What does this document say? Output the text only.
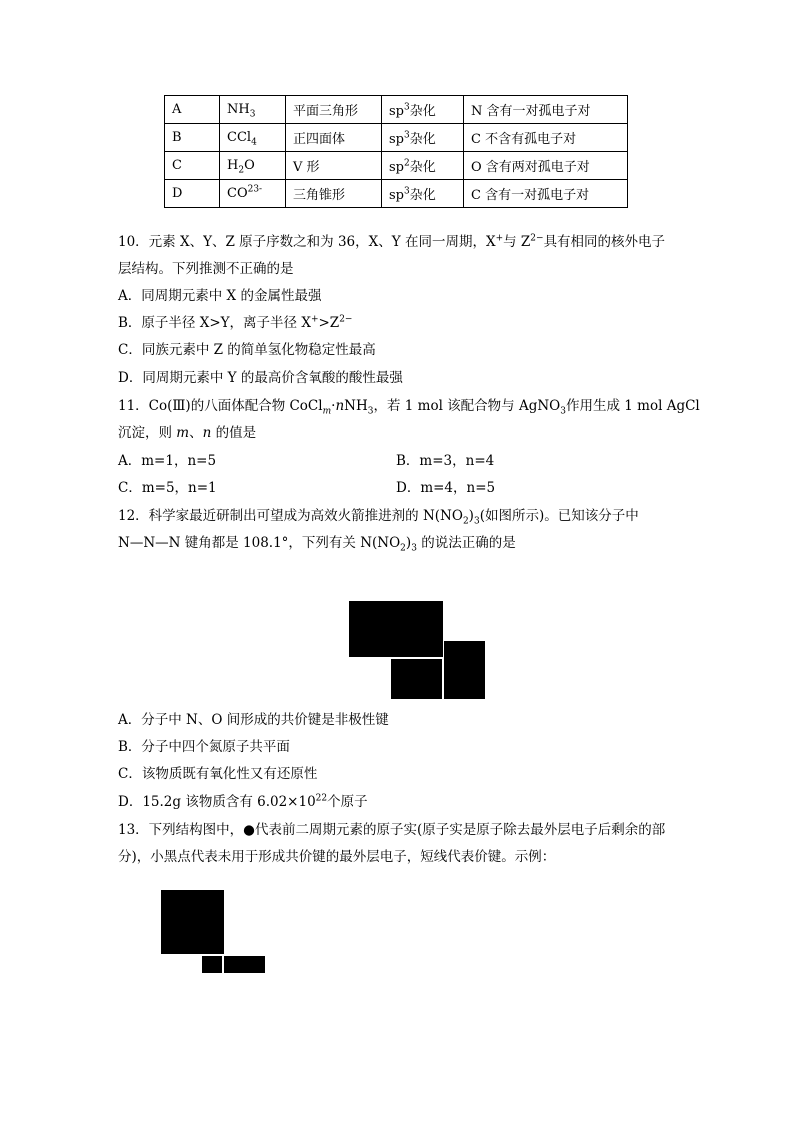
A	$NH_3$	平面三角形	$sp^3$杂化	N 含有一对孤电子对
B	CCl$_4$	正四面体	$sp^3$杂化	C 不含有孤电子对
C	$H_2O$	V 形	$sp^2$杂化	O 含有两对孤电子对
D	$CO^{23-}$	三角锥形	$sp^3$杂化	C 含有一对孤电子对
10．元素 X、Y、Z 原子序数之和为 36，X、Y 在同一周期，X+与 $Z^{2-}$具有相同的核外电子
层结构。下列推测不正确的是
A．同周期元素中 X 的金属性最强
B．原子半径 X>Y，离子半径 $X^+>Z^{2-}$
C．同族元素中 Z 的简单氢化物稳定性最高
D．同周期元素中 Y 的最高价含氧酸的酸性最强
11．Co(Ⅲ)的八面体配合物 CoCl$_m$·nNH$_3$，若 1 mol 该配合物与 AgNO$_3$作用生成 1 mol AgCl
沉淀，则 m、n 的值是
A．m=1，n=5	B．m=3，n=4
C．m=5，n=1	D．m=4，n=5
12．科学家最近研制出可望成为高效火箭推进剂的 $N(NO_2)_3$(如图所示)。已知该分子中
N—N—N 键角都是 108.1°，下列有关 $N(NO_2)_3$ 的说法正确的是
A．分子中 N、O 间形成的共价键是非极性键
B．分子中四个氮原子共平面
C．该物质既有氧化性又有还原性
D．15.2g 该物质含有 $6.02\times 10^{22}$个原子
13．下列结构图中，●代表前二周期元素的原子实(原子实是原子除去最外层电子后剩余的部
分)，小黑点代表未用于形成共价键的最外层电子，短线代表价键。示例：
